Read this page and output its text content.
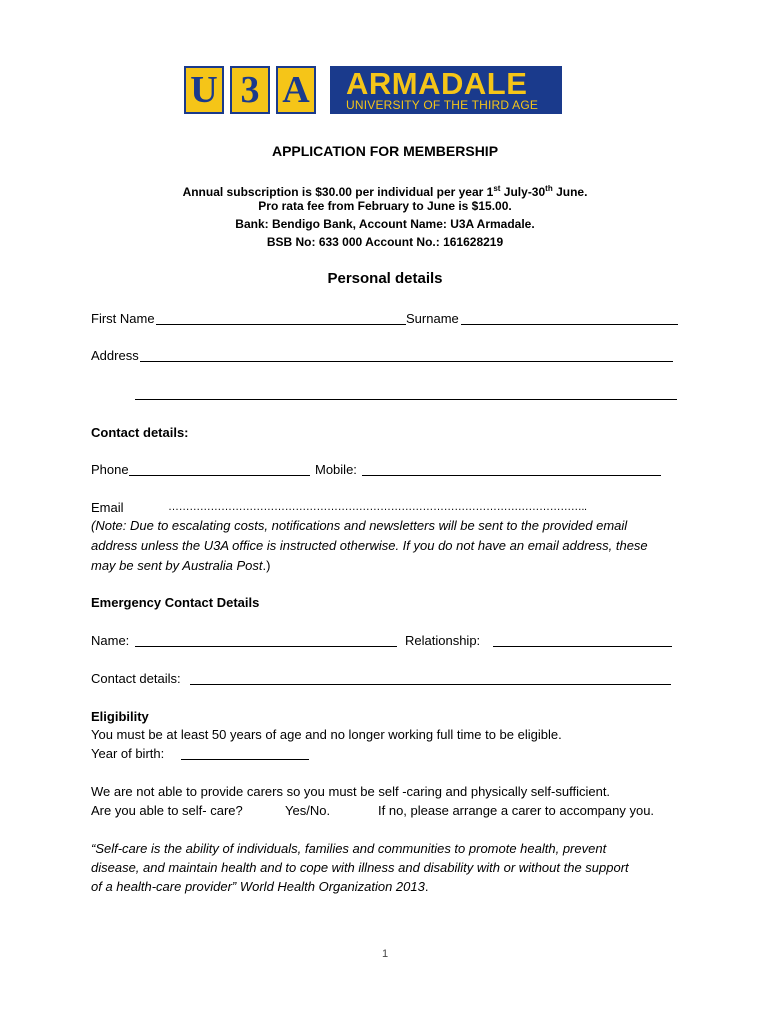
U 3 A ARMADALE
UNIVERSITY OF THE THIRD AGE
APPLICATION FOR MEMBERSHIP
Annual subscription is $30.00 per individual per year 1st July-30th June.
Pro rata fee from February to June is $15.00.
Bank: Bendigo Bank, Account Name: U3A Armadale.
BSB No: 633 000 Account No.: 161628219
Personal details
First Name	Surname
Address
Contact details:
Phone	Mobile:
Email	………………………………………………………………………………………………………..
(Note: Due to escalating costs, notifications and newsletters will be sent to the provided email
address unless the U3A office is instructed otherwise. If you do not have an email address, these
may be sent by Australia Post.)
Emergency Contact Details
Name:	Relationship:
Contact details:
Eligibility
You must be at least 50 years of age and no longer working full time to be eligible.
Year of birth:
We are not able to provide carers so you must be self -caring and physically self-sufficient.
Are you able to self- care?	Yes/No.	If no, please arrange a carer to accompany you.
“Self-care is the ability of individuals, families and communities to promote health, prevent
disease, and maintain health and to cope with illness and disability with or without the support
of a health-care provider” World Health Organization 2013.
1
